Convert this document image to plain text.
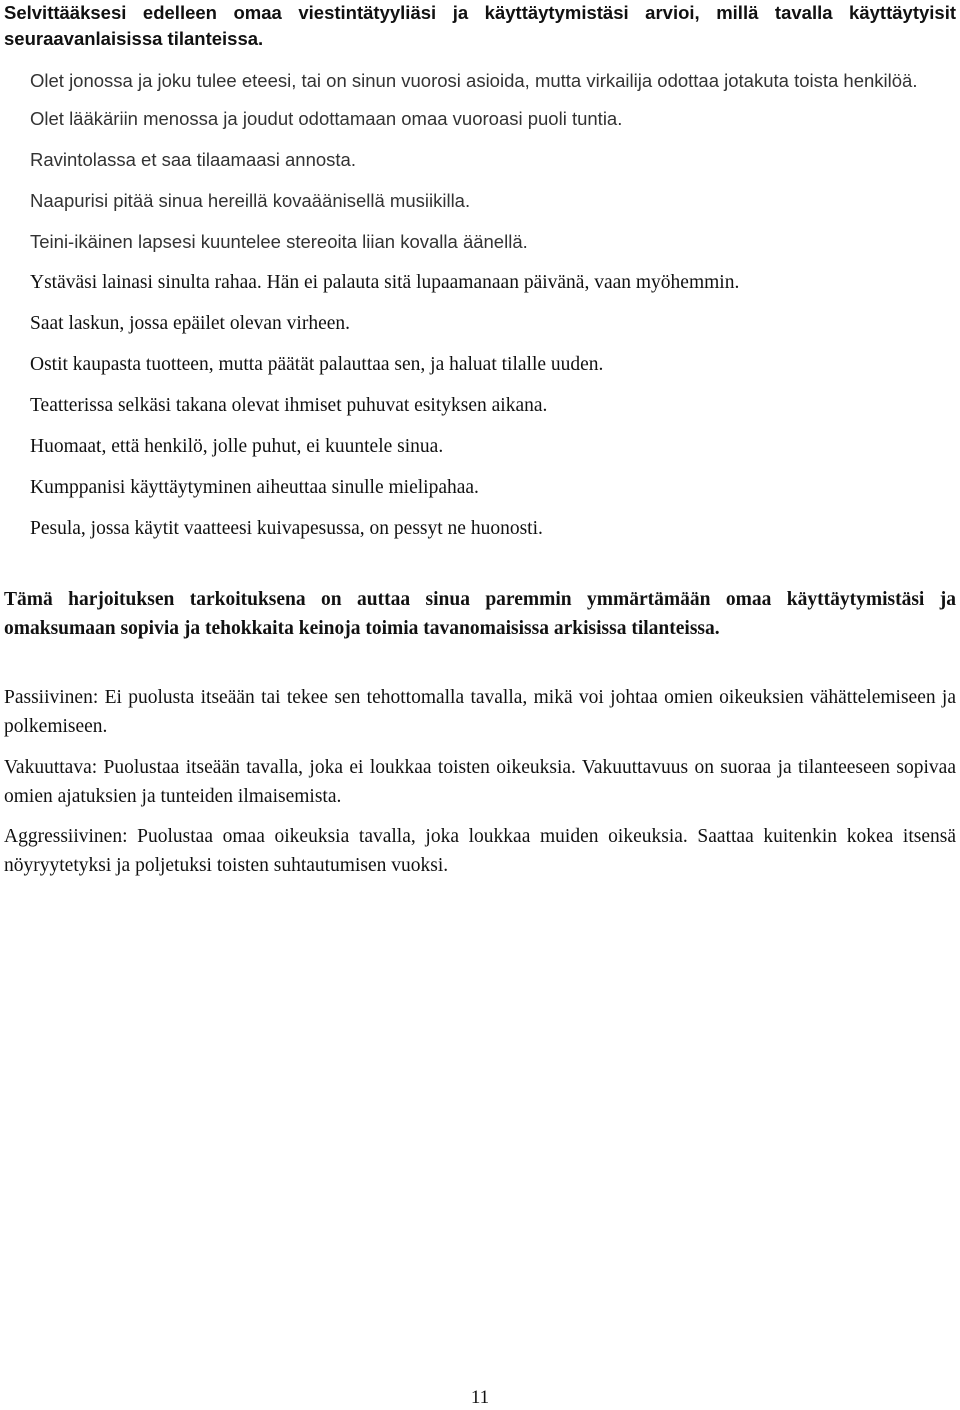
Selvittääksesi edelleen omaa viestintätyyliäsi ja käyttäytymistäsi arvioi, millä tavalla käyttäytyisit seuraavanlaisissa tilanteissa.

Olet jonossa ja joku tulee eteesi, tai on sinun vuorosi asioida, mutta virkailija odottaa jotakuta toista henkilöä.
Olet lääkäriin menossa ja joudut odottamaan omaa vuoroasi puoli tuntia.
Ravintolassa et saa tilaamaasi annosta.
Naapurisi pitää sinua hereillä kovaäänisellä musiikilla.
Teini-ikäinen lapsesi kuuntelee stereoita liian kovalla äänellä.
Ystäväsi lainasi sinulta rahaa. Hän ei palauta sitä lupaamanaan päivänä, vaan myöhemmin.
Saat laskun, jossa epäilet olevan virheen.
Ostit kaupasta tuotteen, mutta päätät palauttaa sen, ja haluat tilalle uuden.
Teatterissa selkäsi takana olevat ihmiset puhuvat esityksen aikana.
Huomaat, että henkilö, jolle puhut, ei kuuntele sinua.
Kumppanisi käyttäytyminen aiheuttaa sinulle mielipahaa.
Pesula, jossa käytit vaatteesi kuivapesussa, on pessyt ne huonosti.

Tämä harjoituksen tarkoituksena on auttaa sinua paremmin ymmärtämään omaa käyttäytymistäsi ja omaksumaan sopivia ja tehokkaita keinoja toimia tavanomaisissa arkisissa tilanteissa.

Passiivinen: Ei puolusta itseään tai tekee sen tehottomalla tavalla, mikä voi johtaa omien oikeuksien vähättelemiseen ja polkemiseen.

Vakuuttava: Puolustaa itseään tavalla, joka ei loukkaa toisten oikeuksia. Vakuuttavuus on suoraa ja tilanteeseen sopivaa omien ajatuksien ja tunteiden ilmaisemista.

Aggressiivinen: Puolustaa omaa oikeuksia tavalla, joka loukkaa muiden oikeuksia. Saattaa kuitenkin kokea itsensä nöyryytetyksi ja poljetuksi toisten suhtautumisen vuoksi.

11
